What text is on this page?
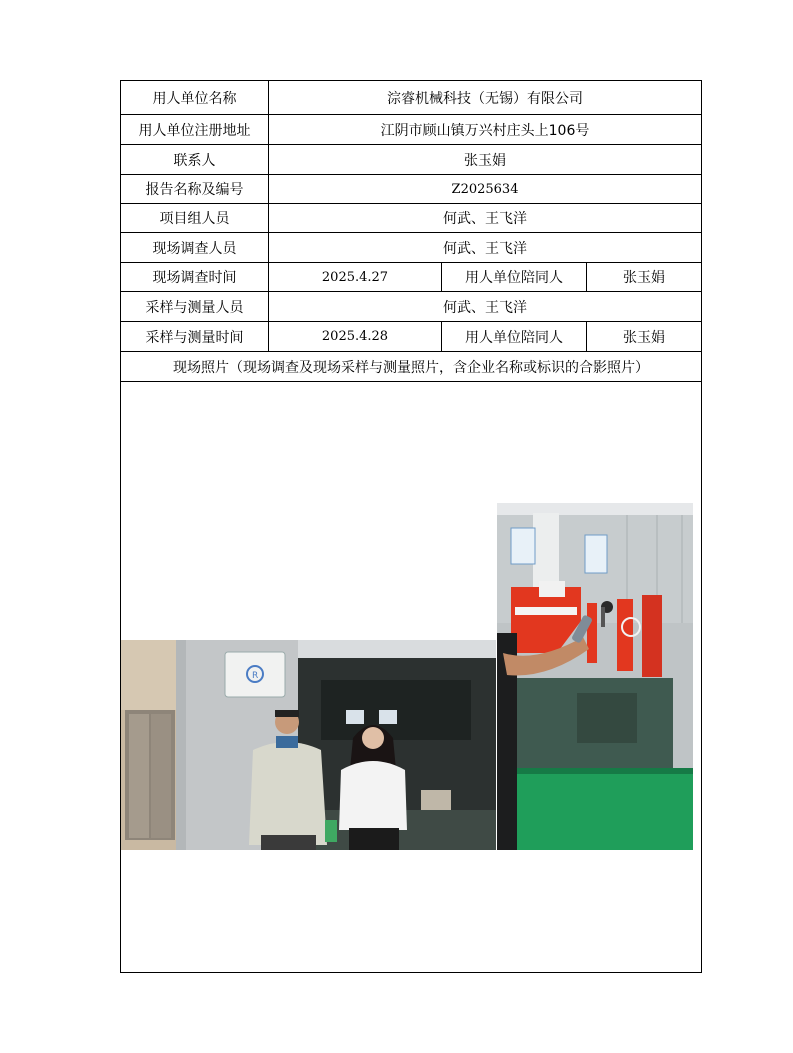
用人单位名称	淙睿机械科技（无锡）有限公司
用人单位注册地址	江阴市顾山镇万兴村庄头上106号
联系人	张玉娟
报告名称及编号	Z2025634
项目组人员	何武、王飞洋
现场调查人员	何武、王飞洋
现场调查时间	2025.4.27	用人单位陪同人	张玉娟
采样与测量人员	何武、王飞洋
采样与测量时间	2025.4.28	用人单位陪同人	张玉娟
现场照片（现场调查及现场采样与测量照片，含企业名称或标识的合影照片）
R
